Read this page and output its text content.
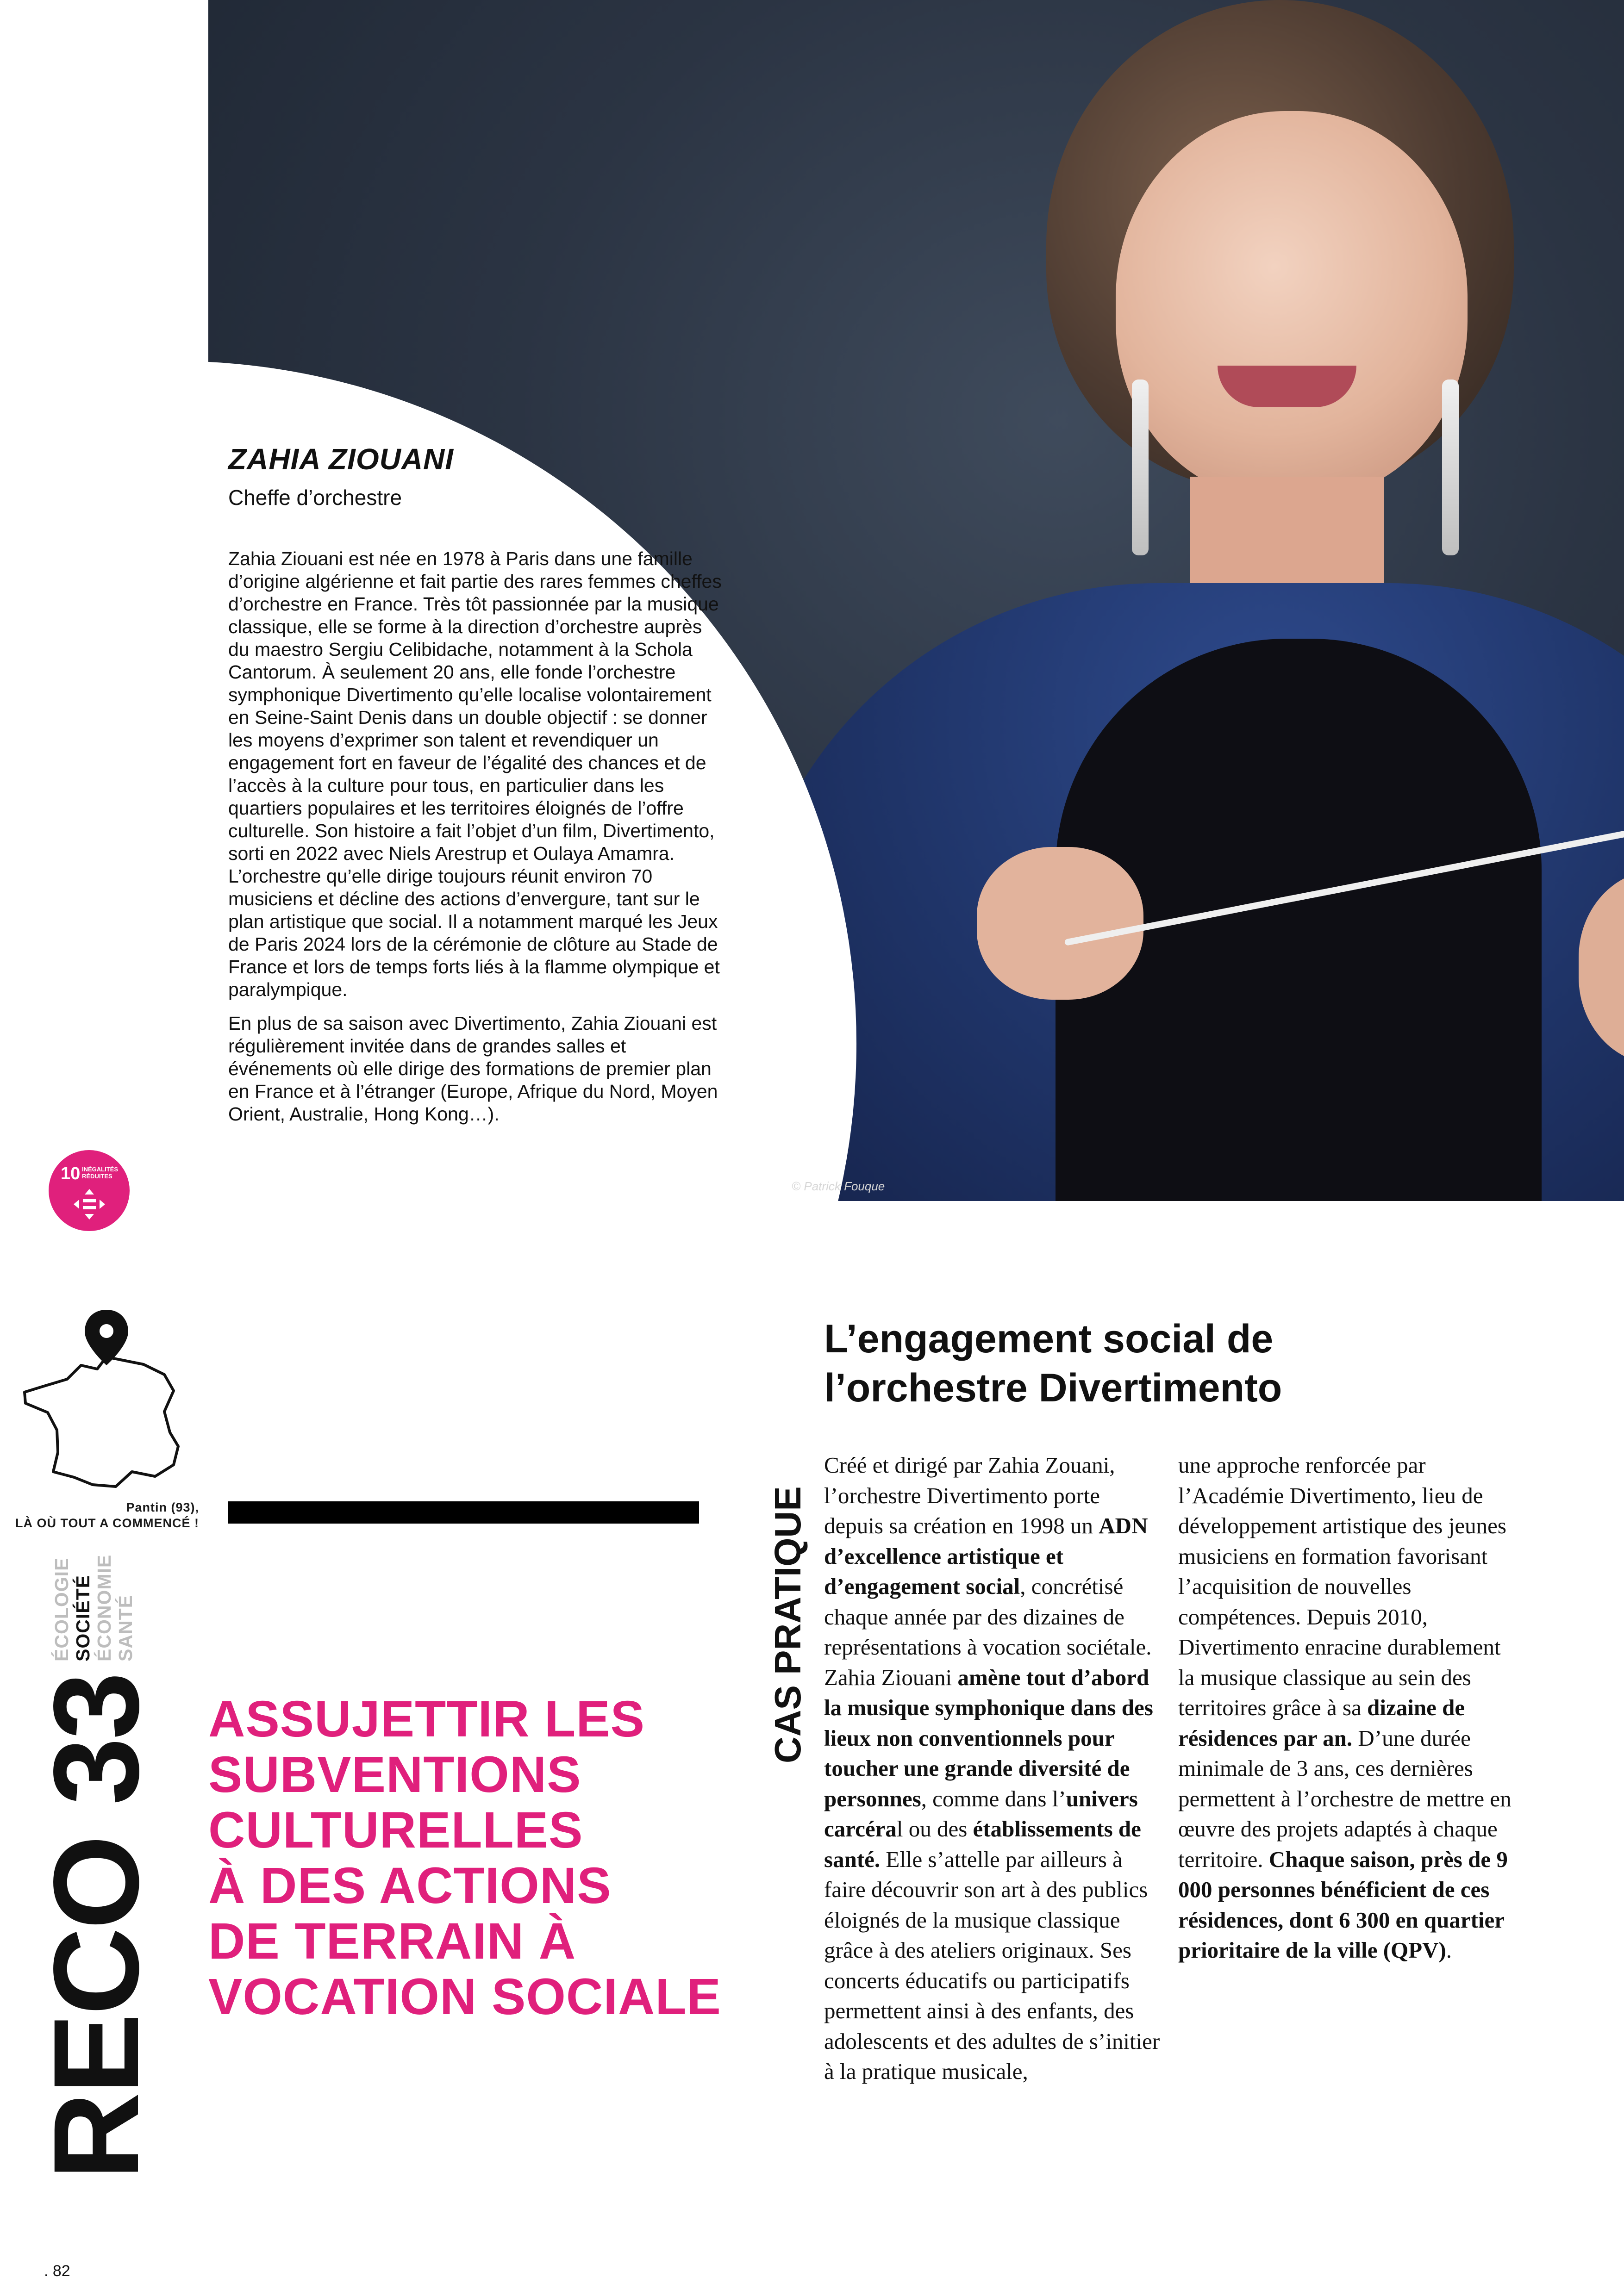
© Patrick Fouque
ZAHIA ZIOUANI
Cheffe d’orchestre

Zahia Ziouani est née en 1978 à Paris dans une famille d’origine algérienne et fait partie des rares femmes cheffes d’orchestre en France. Très tôt passionnée par la musique classique, elle se forme à la direction d’orchestre auprès du maestro Sergiu Celibidache, notamment à la Schola Cantorum. À seulement 20 ans, elle fonde l’orchestre symphonique Divertimento qu’elle localise volontairement en Seine-Saint Denis dans un double objectif : se donner les moyens d’exprimer son talent et revendiquer un engagement fort en faveur de l’égalité des chances et de l’accès à la culture pour tous, en particulier dans les quartiers populaires et les territoires éloignés de l’offre culturelle. Son histoire a fait l’objet d’un film, Divertimento, sorti en 2022 avec Niels Arestrup et Oulaya Amamra. L’orchestre qu’elle dirige toujours réunit environ 70 musiciens et décline des actions d’envergure, tant sur le plan artistique que social. Il a notamment marqué les Jeux de Paris 2024 lors de la cérémonie de clôture au Stade de France et lors de temps forts liés à la flamme olympique et paralympique.

En plus de sa saison avec Divertimento, Zahia Ziouani est régulièrement invitée dans de grandes salles et événements où elle dirige des formations de premier plan en France et à l’étranger (Europe, Afrique du Nord, Moyen Orient, Australie, Hong Kong…).

10 INÉGALITÉS RÉDUITES
Pantin (93),
LÀ OÙ TOUT A COMMENCÉ !
ÉCOLOGIE SOCIÉTÉ ÉCONOMIE SANTÉ
RECO 33 ASSUJETTIR LES
SUBVENTIONS
CULTURELLES
À DES ACTIONS
DE TERRAIN À
VOCATION SOCIALE
CAS PRATIQUE
L’engagement social de
l’orchestre Divertimento
Créé et dirigé par Zahia Zouani, l’orchestre Divertimento porte depuis sa création en 1998 un ADN d’excellence artistique et d’engagement social, concrétisé chaque année par des dizaines de représentations à vocation sociétale. Zahia Ziouani amène tout d’abord la musique symphonique dans des lieux non conventionnels pour toucher une grande diversité de personnes, comme dans l’univers carcéral ou des établissements de santé. Elle s’attelle par ailleurs à faire découvrir son art à des publics éloignés de la musique classique grâce à des ateliers originaux. Ses concerts éducatifs ou participatifs permettent ainsi à des enfants, des adolescents et des adultes de s’initier à la pratique musicale,
une approche renforcée par l’Académie Divertimento, lieu de développement artistique des jeunes musiciens en formation favorisant l’acquisition de nouvelles compétences. Depuis 2010, Divertimento enracine durablement la musique classique au sein des territoires grâce à sa dizaine de résidences par an. D’une durée minimale de 3 ans, ces dernières permettent à l’orchestre de mettre en œuvre des projets adaptés à chaque territoire. Chaque saison, près de 9 000 personnes bénéficient de ces résidences, dont 6 300 en quartier prioritaire de la ville (QPV).
. 82
